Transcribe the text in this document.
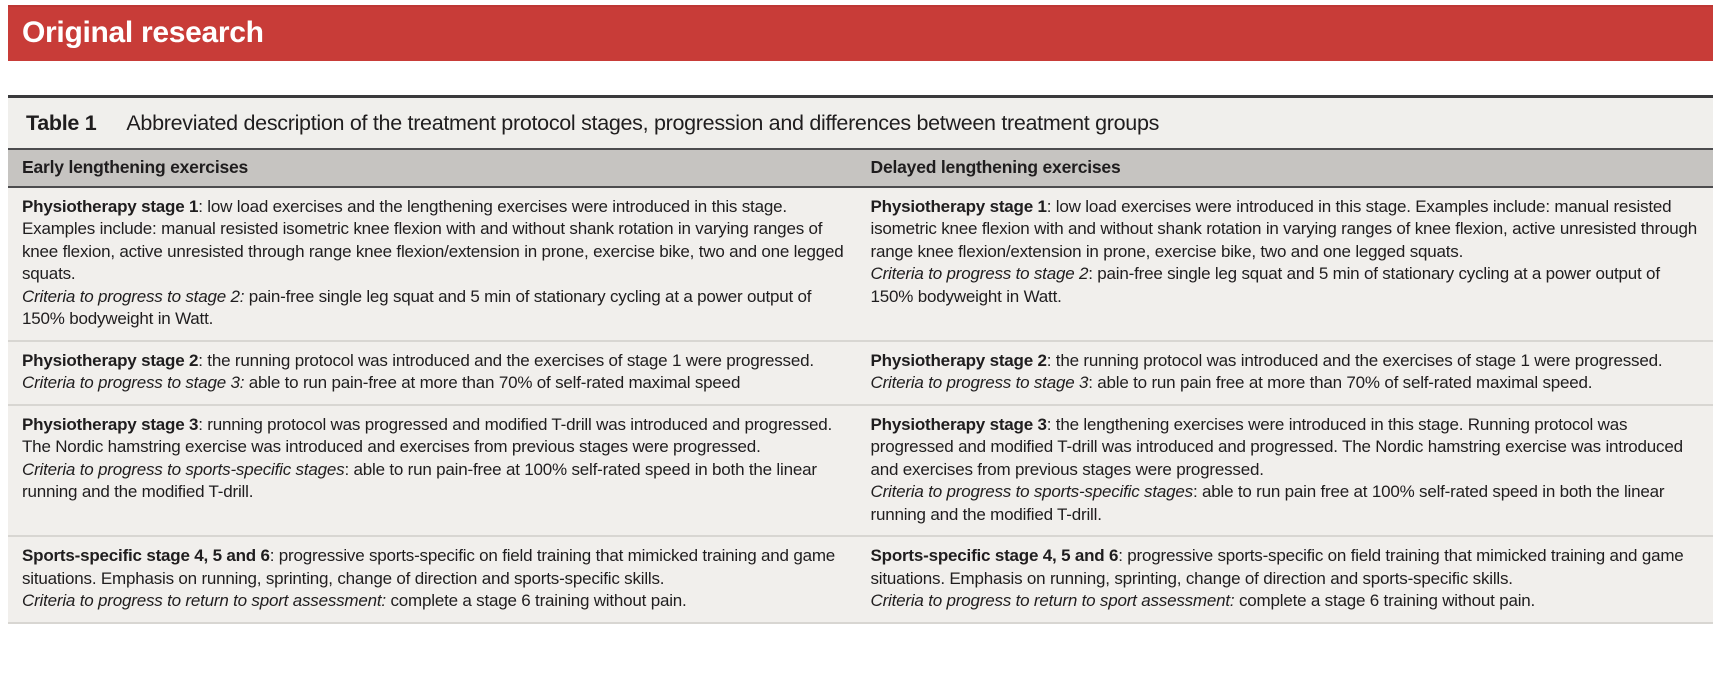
Original research
Table 1 Abbreviated description of the treatment protocol stages, progression and differences between treatment groups
Early lengthening exercises	Delayed lengthening exercises

Physiotherapy stage 1: low load exercises and the lengthening exercises were introduced in this stage. Examples include: manual resisted isometric knee flexion with and without shank rotation in varying ranges of knee flexion, active unresisted through range knee flexion/extension in prone, exercise bike, two and one legged squats.

Criteria to progress to stage 2: pain-free single leg squat and 5 min of stationary cycling at a power output of 150% bodyweight in Watt.

Physiotherapy stage 1: low load exercises were introduced in this stage. Examples include: manual resisted isometric knee flexion with and without shank rotation in varying ranges of knee flexion, active unresisted through range knee flexion/extension in prone, exercise bike, two and one legged squats.

Criteria to progress to stage 2: pain-free single leg squat and 5 min of stationary cycling at a power output of 150% bodyweight in Watt.

Physiotherapy stage 2: the running protocol was introduced and the exercises of stage 1 were progressed.

Criteria to progress to stage 3: able to run pain-free at more than 70% of self-rated maximal speed

Physiotherapy stage 2: the running protocol was introduced and the exercises of stage 1 were progressed.

Criteria to progress to stage 3: able to run pain free at more than 70% of self-rated maximal speed.

Physiotherapy stage 3: running protocol was progressed and modified T-drill was introduced and progressed. The Nordic hamstring exercise was introduced and exercises from previous stages were progressed.

Criteria to progress to sports-specific stages: able to run pain-free at 100% self-rated speed in both the linear running and the modified T-drill.

Physiotherapy stage 3: the lengthening exercises were introduced in this stage. Running protocol was progressed and modified T-drill was introduced and progressed. The Nordic hamstring exercise was introduced and exercises from previous stages were progressed.

Criteria to progress to sports-specific stages: able to run pain free at 100% self-rated speed in both the linear running and the modified T-drill.

Sports-specific stage 4, 5 and 6: progressive sports-specific on field training that mimicked training and game situations. Emphasis on running, sprinting, change of direction and sports-specific skills.

Criteria to progress to return to sport assessment: complete a stage 6 training without pain.

Sports-specific stage 4, 5 and 6: progressive sports-specific on field training that mimicked training and game situations. Emphasis on running, sprinting, change of direction and sports-specific skills.

Criteria to progress to return to sport assessment: complete a stage 6 training without pain.
